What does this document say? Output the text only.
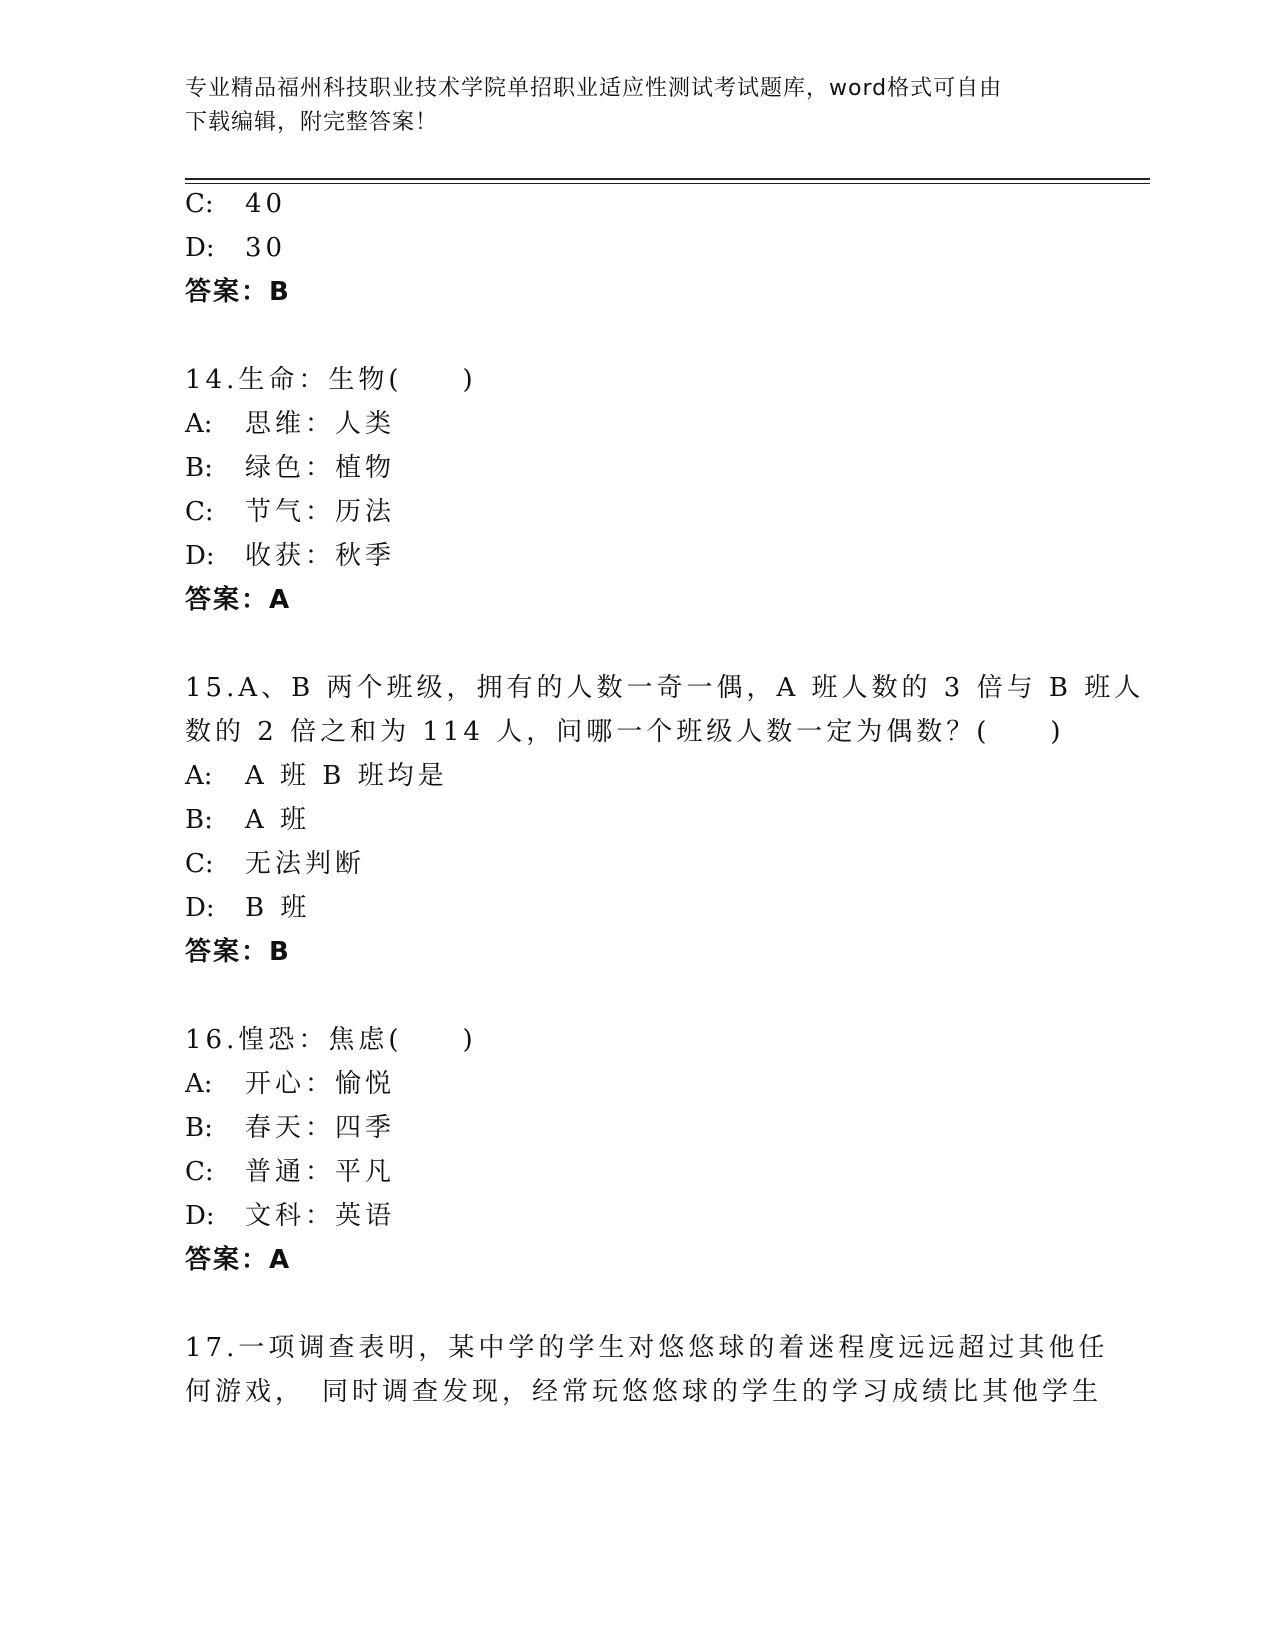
专业精品福州科技职业技术学院单招职业适应性测试考试题库，word格式可自由
下载编辑，附完整答案！
C: 40
D: 30
答案：B
14.生命：生物(　　)
A: 思维：人类
B: 绿色：植物
C: 节气：历法
D: 收获：秋季
答案：A
15.A、B 两个班级，拥有的人数一奇一偶，A 班人数的 3 倍与 B 班人
数的 2 倍之和为 114 人，问哪一个班级人数一定为偶数？(　　)
A: A 班 B 班均是
B: A 班
C: 无法判断
D: B 班
答案：B
16.惶恐：焦虑(　　)
A: 开心：愉悦
B: 春天：四季
C: 普通：平凡
D: 文科：英语
答案：A
17.一项调查表明，某中学的学生对悠悠球的着迷程度远远超过其他任
何游戏，　同时调查发现，经常玩悠悠球的学生的学习成绩比其他学生
